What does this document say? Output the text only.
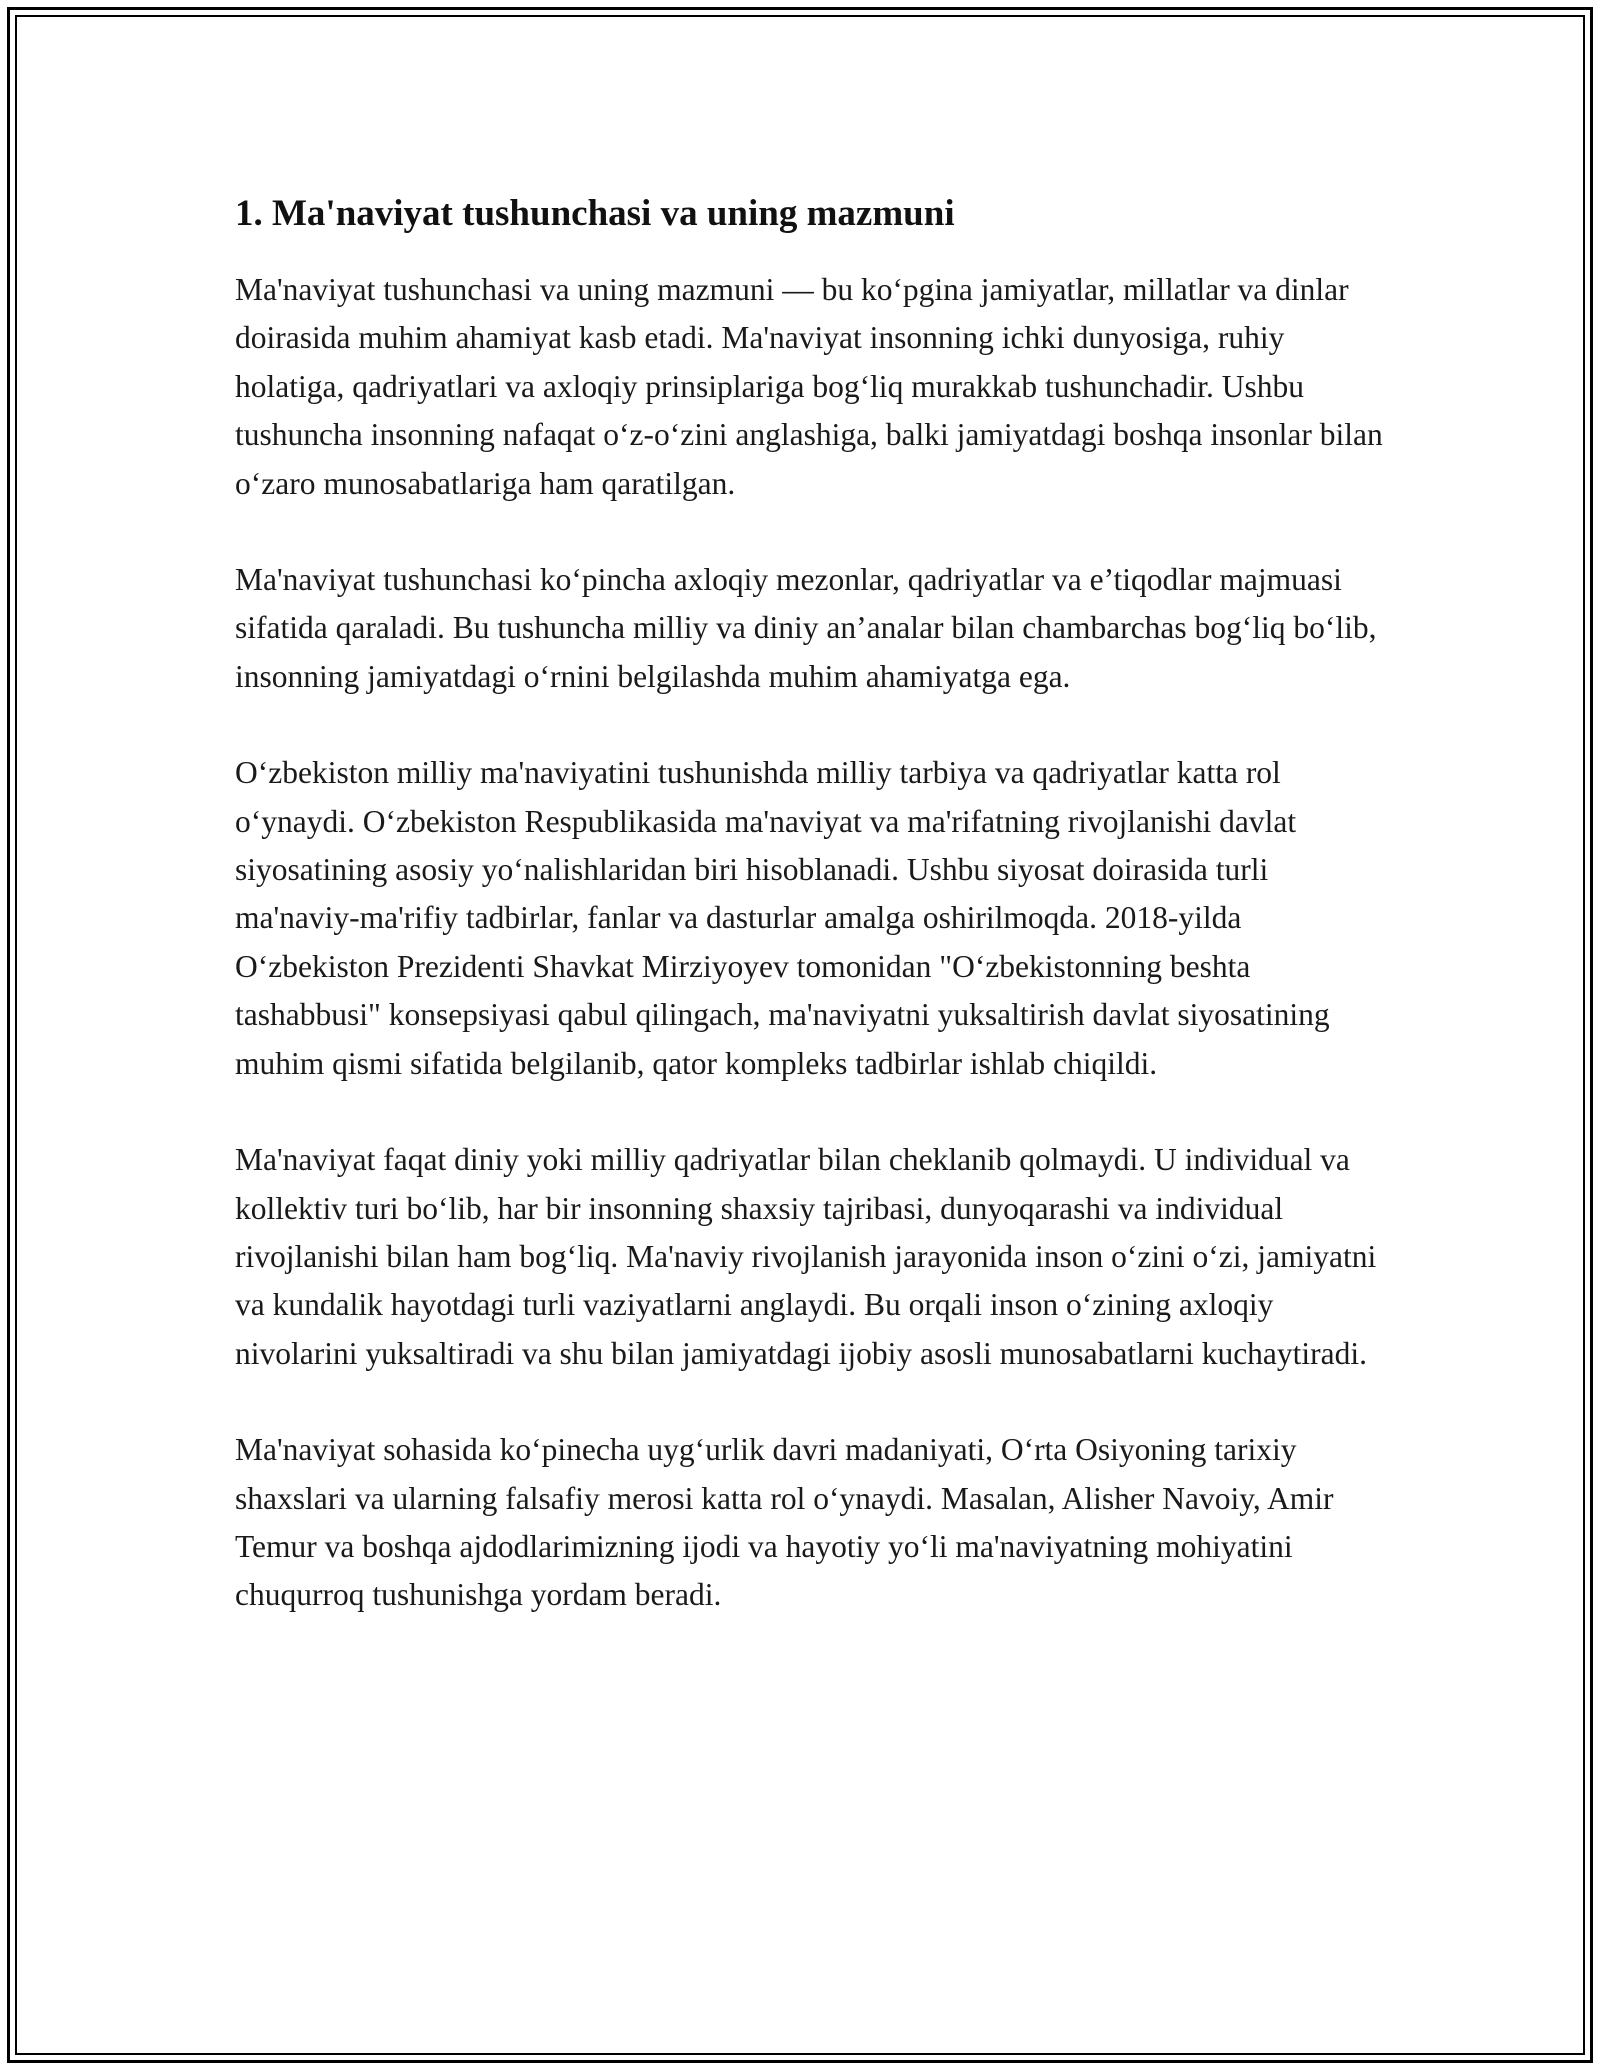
1. Ma'naviyat tushunchasi va uning mazmuni

Ma'naviyat tushunchasi va uning mazmuni — bu koʻpgina jamiyatlar, millatlar va dinlar doirasida muhim ahamiyat kasb etadi. Ma'naviyat insonning ichki dunyosiga, ruhiy holatiga, qadriyatlari va axloqiy prinsiplariga bogʻliq murakkab tushunchadir. Ushbu tushuncha insonning nafaqat oʻz-oʻzini anglashiga, balki jamiyatdagi boshqa insonlar bilan oʻzaro munosabatlariga ham qaratilgan.

Ma'naviyat tushunchasi koʻpincha axloqiy mezonlar, qadriyatlar va e’tiqodlar majmuasi sifatida qaraladi. Bu tushuncha milliy va diniy an’analar bilan chambarchas bogʻliq boʻlib, insonning jamiyatdagi oʻrnini belgilashda muhim ahamiyatga ega.

Oʻzbekiston milliy ma'naviyatini tushunishda milliy tarbiya va qadriyatlar katta rol oʻynaydi. Oʻzbekiston Respublikasida ma'naviyat va ma'rifatning rivojlanishi davlat siyosatining asosiy yoʻnalishlaridan biri hisoblanadi. Ushbu siyosat doirasida turli ma'naviy-ma'rifiy tadbirlar, fanlar va dasturlar amalga oshirilmoqda. 2018-yilda Oʻzbekiston Prezidenti Shavkat Mirziyoyev tomonidan "Oʻzbekistonning beshta tashabbusi" konsepsiyasi qabul qilingach, ma'naviyatni yuksaltirish davlat siyosatining muhim qismi sifatida belgilanib, qator kompleks tadbirlar ishlab chiqildi.

Ma'naviyat faqat diniy yoki milliy qadriyatlar bilan cheklanib qolmaydi. U individual va kollektiv turi boʻlib, har bir insonning shaxsiy tajribasi, dunyoqarashi va individual rivojlanishi bilan ham bogʻliq. Ma'naviy rivojlanish jarayonida inson oʻzini oʻzi, jamiyatni va kundalik hayotdagi turli vaziyatlarni anglaydi. Bu orqali inson oʻzining axloqiy nivolarini yuksaltiradi va shu bilan jamiyatdagi ijobiy asosli munosabatlarni kuchaytiradi.

Ma'naviyat sohasida koʻpinecha uygʻurlik davri madaniyati, Oʻrta Osiyoning tarixiy shaxslari va ularning falsafiy merosi katta rol oʻynaydi. Masalan, Alisher Navoiy, Amir Temur va boshqa ajdodlarimizning ijodi va hayotiy yoʻli ma'naviyatning mohiyatini chuqurroq tushunishga yordam beradi.
